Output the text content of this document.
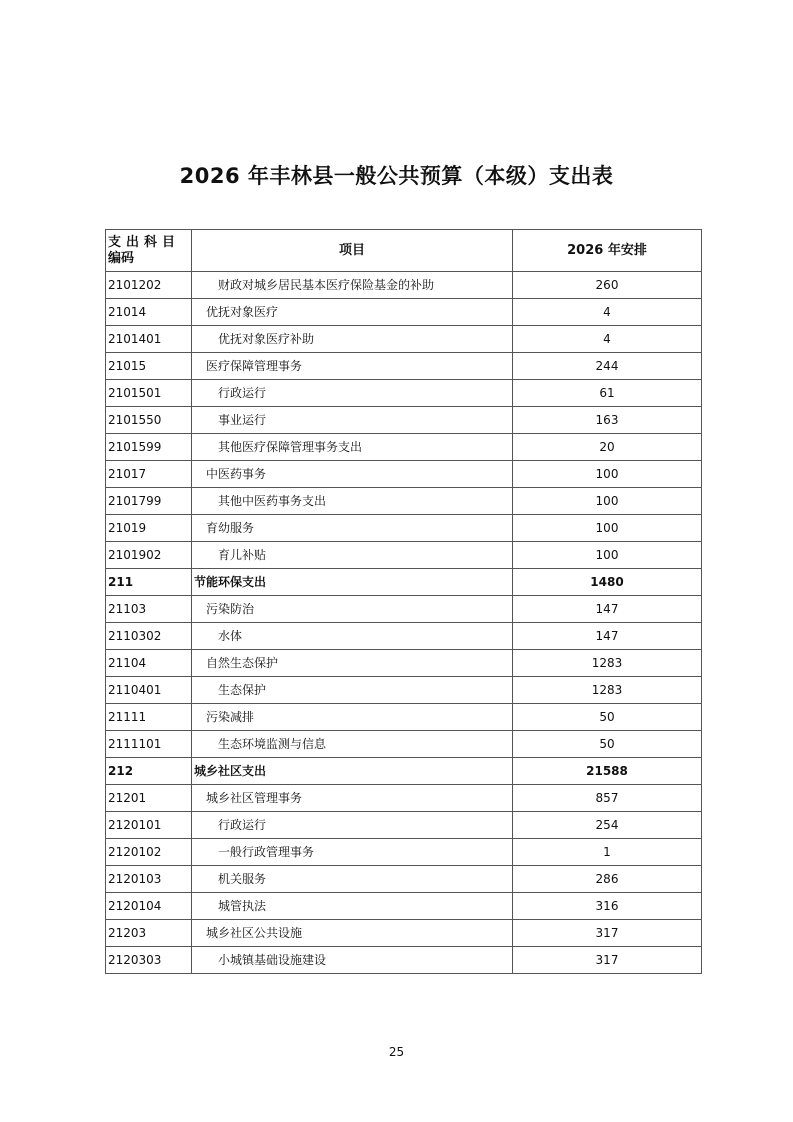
2026 年丰林县一般公共预算（本级）支出表
支出科目
编码	项目	2026 年安排
2101202	财政对城乡居民基本医疗保险基金的补助	260
21014	优抚对象医疗	4
2101401	优抚对象医疗补助	4
21015	医疗保障管理事务	244
2101501	行政运行	61
2101550	事业运行	163
2101599	其他医疗保障管理事务支出	20
21017	中医药事务	100
2101799	其他中医药事务支出	100
21019	育幼服务	100
2101902	育儿补贴	100
211	节能环保支出	1480
21103	污染防治	147
2110302	水体	147
21104	自然生态保护	1283
2110401	生态保护	1283
21111	污染减排	50
2111101	生态环境监测与信息	50
212	城乡社区支出	21588
21201	城乡社区管理事务	857
2120101	行政运行	254
2120102	一般行政管理事务	1
2120103	机关服务	286
2120104	城管执法	316
21203	城乡社区公共设施	317
2120303	小城镇基础设施建设	317
25
